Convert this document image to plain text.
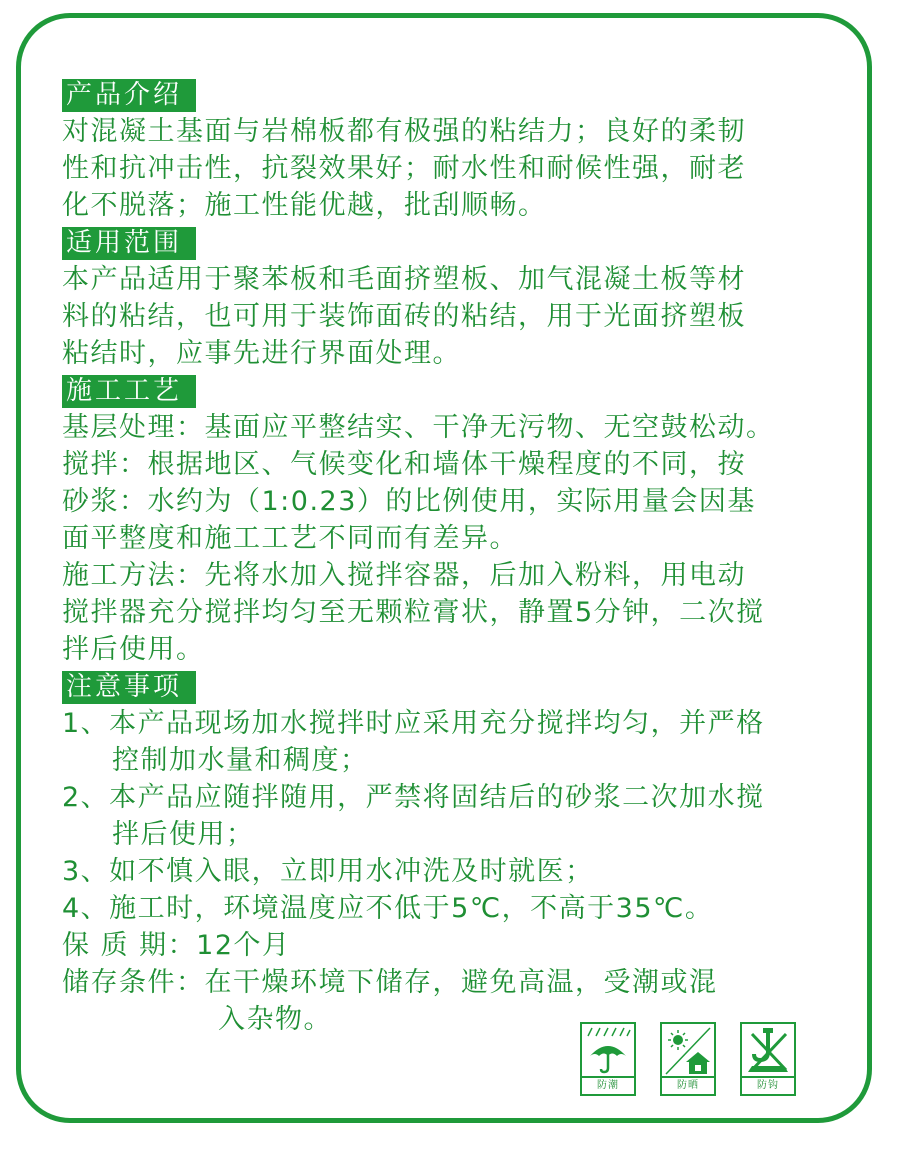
产品介绍

对混凝土基面与岩棉板都有极强的粘结力；良好的柔韧

性和抗冲击性，抗裂效果好；耐水性和耐候性强，耐老

化不脱落；施工性能优越，批刮顺畅。

适用范围

本产品适用于聚苯板和毛面挤塑板、加气混凝土板等材

料的粘结，也可用于装饰面砖的粘结，用于光面挤塑板

粘结时，应事先进行界面处理。

施工工艺

基层处理：基面应平整结实、干净无污物、无空鼓松动。

搅拌：根据地区、气候变化和墙体干燥程度的不同，按

砂浆：水约为（1:0.23）的比例使用，实际用量会因基

面平整度和施工工艺不同而有差异。

施工方法：先将水加入搅拌容器，后加入粉料，用电动

搅拌器充分搅拌均匀至无颗粒膏状，静置5分钟，二次搅

拌后使用。

注意事项

1、本产品现场加水搅拌时应采用充分搅拌均匀，并严格

控制加水量和稠度；

2、本产品应随拌随用，严禁将固结后的砂浆二次加水搅

拌后使用；

3、如不慎入眼，立即用水冲洗及时就医；

4、施工时，环境温度应不低于5℃，不高于35℃。

保 质 期：12个月

储存条件：在干燥环境下储存，避免高温，受潮或混

入杂物。

防潮	防晒	防钩
